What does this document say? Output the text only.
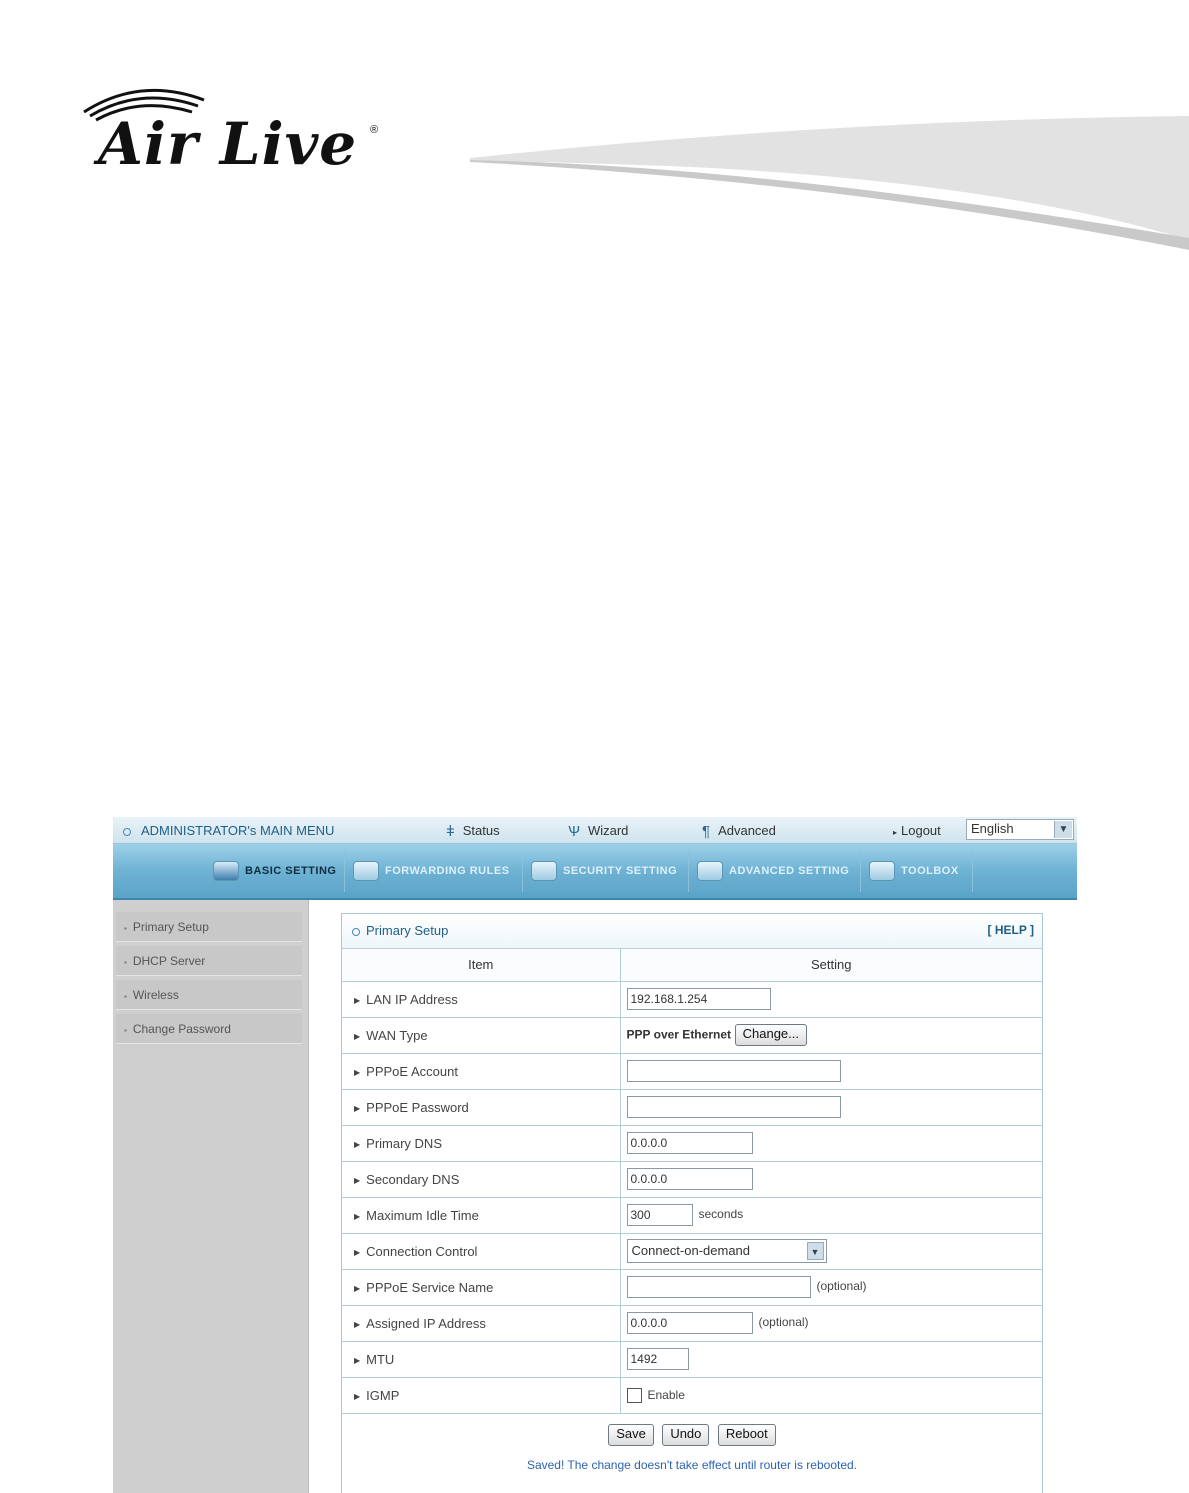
Air Live ®
ADMINISTRATOR's MAIN MENU	ǂ Status	Ѱ Wizard	¶ Advanced	▸ Logout	English	▼
BASIC SETTING	FORWARDING RULES	SECURITY SETTING	ADVANCED SETTING	TOOLBOX
▪ Primary Setup
▪ DHCP Server
▪ Wireless
▪ Change Password
Primary Setup	[ HELP ]
Item	Setting
▶ LAN IP Address	192.168.1.254
▶ WAN Type	PPP over Ethernet Change...
▶ PPPoE Account	
▶ PPPoE Password	
▶ Primary DNS	0.0.0.0
▶ Secondary DNS	0.0.0.0
▶ Maximum Idle Time	300 seconds
▶ Connection Control	Connect-on-demand ▼

▶ PPPoE Service Name	(optional)
▶ Assigned IP Address	0.0.0.0 (optional)
▶ MTU	1492
▶ IGMP	Enable
Save Undo Reboot
Saved! The change doesn't take effect until router is rebooted.
